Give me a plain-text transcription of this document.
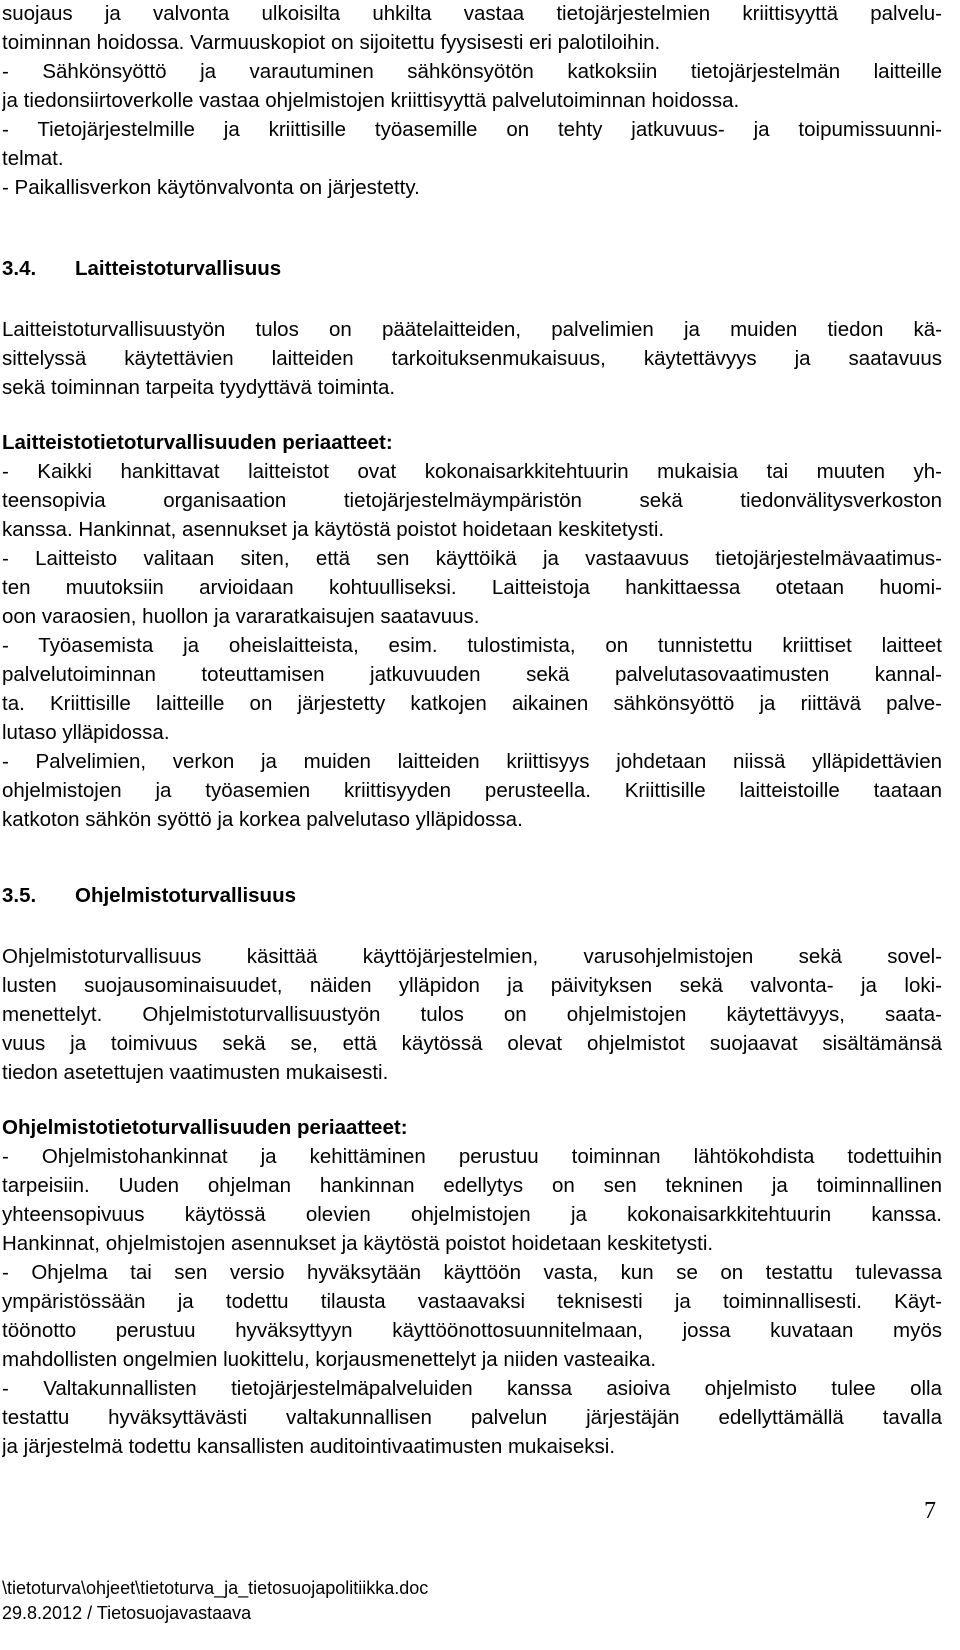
suojaus ja valvonta ulkoisilta uhkilta vastaa tietojärjestelmien kriittisyyttä palvelu-
toiminnan hoidossa. Varmuuskopiot on sijoitettu fyysisesti eri palotiloihin.
- Sähkönsyöttö ja varautuminen sähkönsyötön katkoksiin tietojärjestelmän laitteille
ja tiedonsiirtoverkolle vastaa ohjelmistojen kriittisyyttä palvelutoiminnan hoidossa.
- Tietojärjestelmille ja kriittisille työasemille on tehty jatkuvuus- ja toipumissuunni-
telmat.
- Paikallisverkon käytönvalvonta on järjestetty.
3.4. Laitteistoturvallisuus
Laitteistoturvallisuustyön tulos on päätelaitteiden, palvelimien ja muiden tiedon kä-
sittelyssä käytettävien laitteiden tarkoituksenmukaisuus, käytettävyys ja saatavuus
sekä toiminnan tarpeita tyydyttävä toiminta.
Laitteistotietoturvallisuuden periaatteet:
- Kaikki hankittavat laitteistot ovat kokonaisarkkitehtuurin mukaisia tai muuten yh-
teensopivia organisaation tietojärjestelmäympäristön sekä tiedonvälitysverkoston
kanssa. Hankinnat, asennukset ja käytöstä poistot hoidetaan keskitetysti.
- Laitteisto valitaan siten, että sen käyttöikä ja vastaavuus tietojärjestelmävaatimus-
ten muutoksiin arvioidaan kohtuulliseksi. Laitteistoja hankittaessa otetaan huomi-
oon varaosien, huollon ja vararatkaisujen saatavuus.
- Työasemista ja oheislaitteista, esim. tulostimista, on tunnistettu kriittiset laitteet
palvelutoiminnan toteuttamisen jatkuvuuden sekä palvelutasovaatimusten kannal-
ta. Kriittisille laitteille on järjestetty katkojen aikainen sähkönsyöttö ja riittävä palve-
lutaso ylläpidossa.
- Palvelimien, verkon ja muiden laitteiden kriittisyys johdetaan niissä ylläpidettävien
ohjelmistojen ja työasemien kriittisyyden perusteella. Kriittisille laitteistoille taataan
katkoton sähkön syöttö ja korkea palvelutaso ylläpidossa.
3.5. Ohjelmistoturvallisuus
Ohjelmistoturvallisuus käsittää käyttöjärjestelmien, varusohjelmistojen sekä sovel-
lusten suojausominaisuudet, näiden ylläpidon ja päivityksen sekä valvonta- ja loki-
menettelyt. Ohjelmistoturvallisuustyön tulos on ohjelmistojen käytettävyys, saata-
vuus ja toimivuus sekä se, että käytössä olevat ohjelmistot suojaavat sisältämänsä
tiedon asetettujen vaatimusten mukaisesti.
Ohjelmistotietoturvallisuuden periaatteet:
- Ohjelmistohankinnat ja kehittäminen perustuu toiminnan lähtökohdista todettuihin
tarpeisiin. Uuden ohjelman hankinnan edellytys on sen tekninen ja toiminnallinen
yhteensopivuus käytössä olevien ohjelmistojen ja kokonaisarkkitehtuurin kanssa.
Hankinnat, ohjelmistojen asennukset ja käytöstä poistot hoidetaan keskitetysti.
- Ohjelma tai sen versio hyväksytään käyttöön vasta, kun se on testattu tulevassa
ympäristössään ja todettu tilausta vastaavaksi teknisesti ja toiminnallisesti. Käyt-
töönotto perustuu hyväksyttyyn käyttöönottosuunnitelmaan, jossa kuvataan myös
mahdollisten ongelmien luokittelu, korjausmenettelyt ja niiden vasteaika.
- Valtakunnallisten tietojärjestelmäpalveluiden kanssa asioiva ohjelmisto tulee olla
testattu hyväksyttävästi valtakunnallisen palvelun järjestäjän edellyttämällä tavalla
ja järjestelmä todettu kansallisten auditointivaatimusten mukaiseksi.
7
\tietoturva\ohjeet\tietoturva_ja_tietosuojapolitiikka.doc
29.8.2012 / Tietosuojavastaava
